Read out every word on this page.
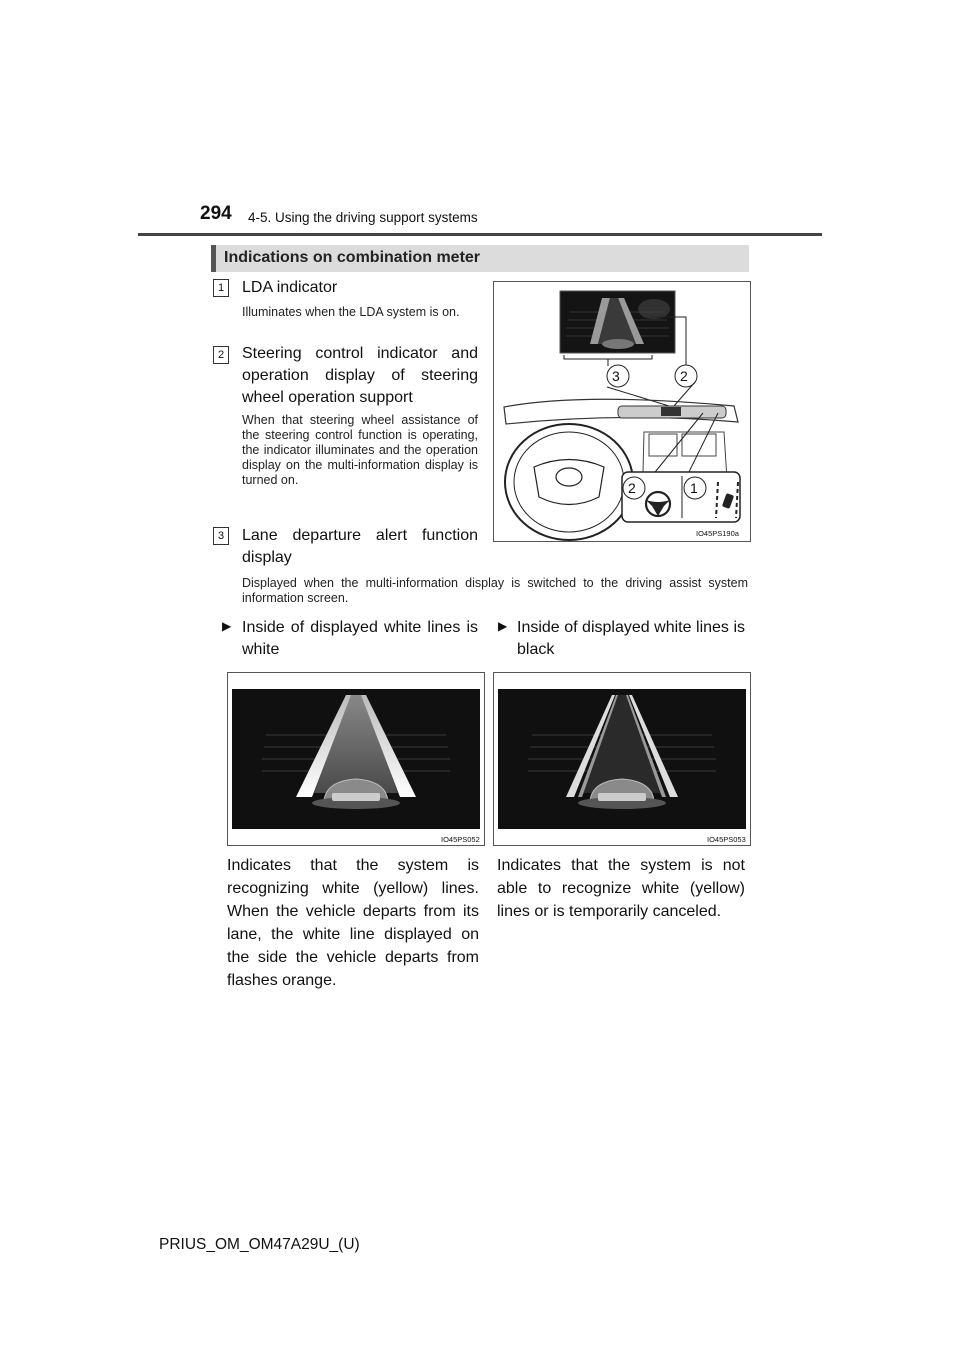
294 4-5. Using the driving support systems
Indications on combination meter
1	LDA indicator
Illuminates when the LDA system is on.
2	Steering control indicator and operation display of steering wheel operation support
When that steering wheel assistance of the steering control function is operating, the indicator illuminates and the operation display on the multi-information display is turned on.
3	Lane departure alert function display
Displayed when the multi-information display is switched to the driving assist system information screen.
3	2
2	1
IO45PS190a
▶ Inside of displayed white lines is white
▶ Inside of displayed white lines is black
IO45PS052	IO45PS053
Indicates that the system is recognizing white (yellow) lines. When the vehicle departs from its lane, the white line displayed on the side the vehicle departs from flashes orange.
Indicates that the system is not able to recognize white (yellow) lines or is temporarily canceled.
PRIUS_OM_OM47A29U_(U)
